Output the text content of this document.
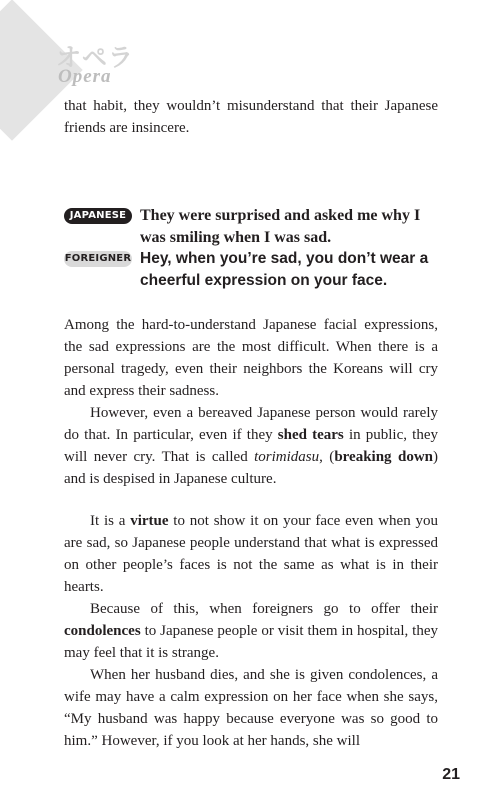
オペラ
Opera
that habit, they wouldn’t misunderstand that their Japanese friends are insincere.
JAPANESE They were surprised and asked me why I was smiling when I was sad.
FOREIGNER Hey, when you’re sad, you don’t wear a cheerful expression on your face.
Among the hard-to-understand Japanese facial expressions, the sad expressions are the most difficult. When there is a personal tragedy, even their neighbors the Koreans will cry and express their sadness.
However, even a bereaved Japanese person would rarely do that. In particular, even if they shed tears in public, they will never cry. That is called torimidasu, (breaking down) and is despised in Japanese culture.
It is a virtue to not show it on your face even when you are sad, so Japanese people understand that what is expressed on other people’s faces is not the same as what is in their hearts.
Because of this, when foreigners go to offer their condolences to Japanese people or visit them in hospital, they may feel that it is strange.
When her husband dies, and she is given condolences, a wife may have a calm expression on her face when she says, “My husband was happy because everyone was so good to him.” However, if you look at her hands, she will
21
